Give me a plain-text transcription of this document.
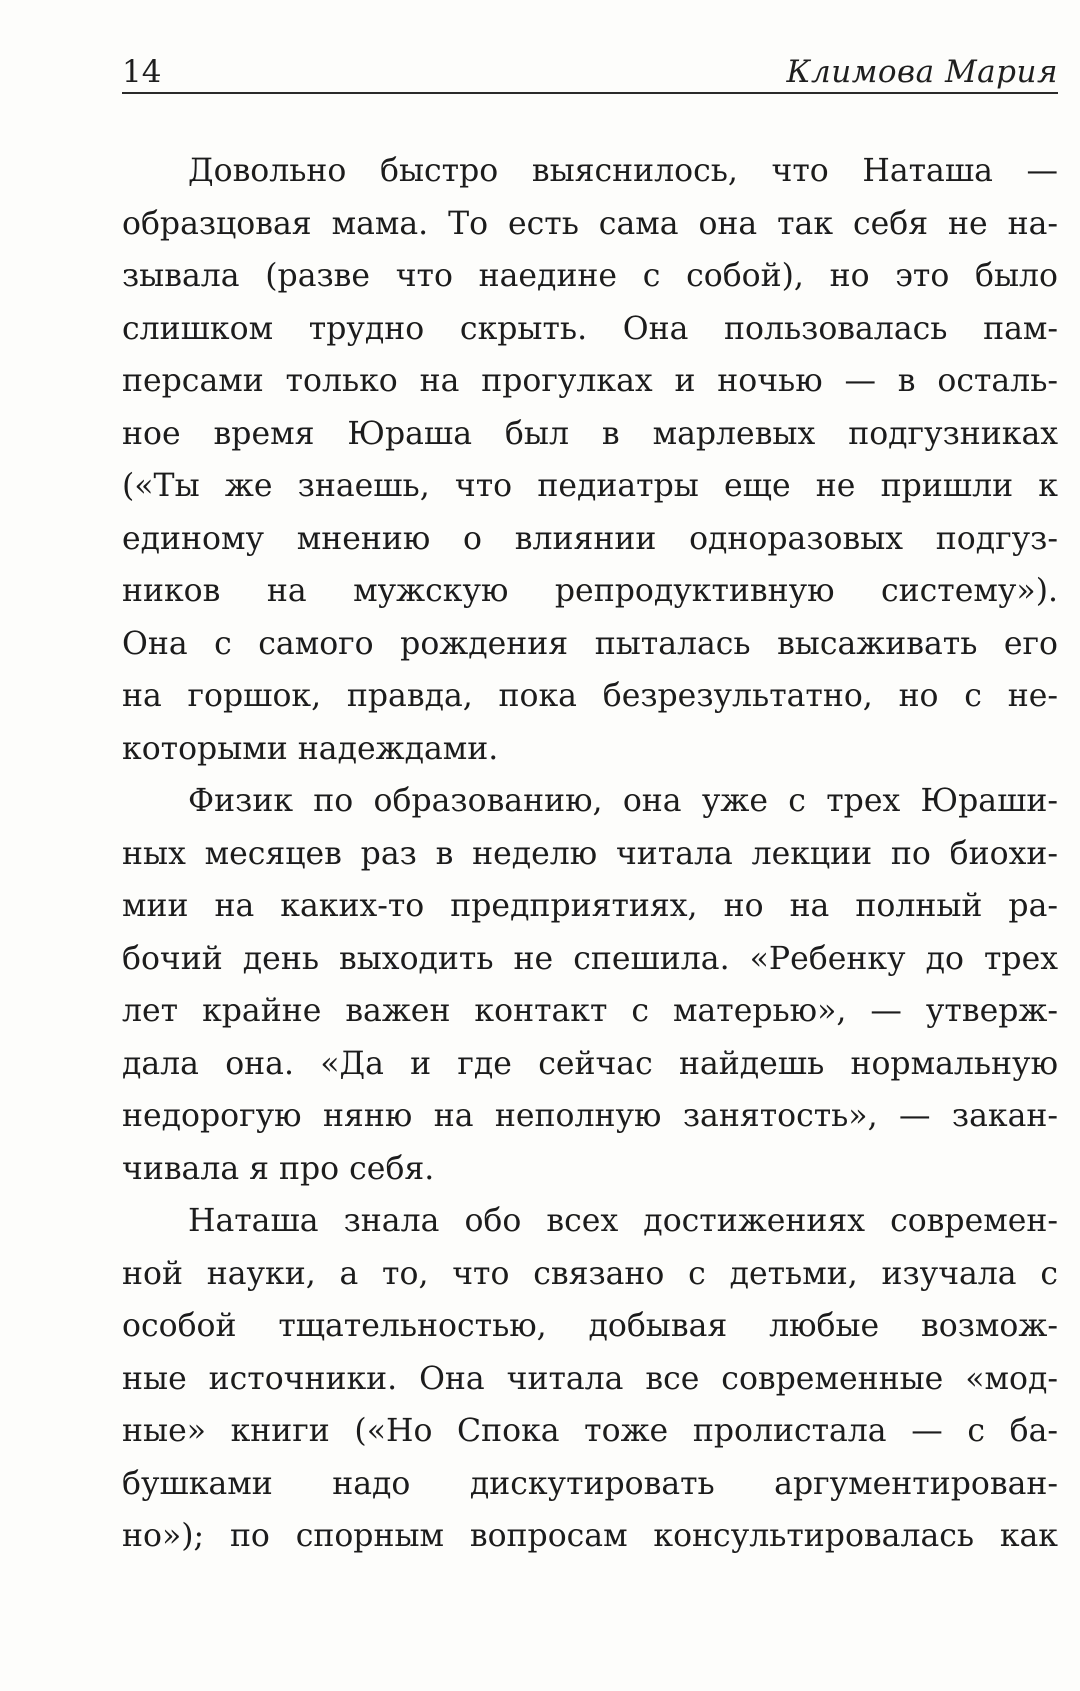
14	Климова Мария
Довольно быстро выяснилось, что Наташа —
образцовая мама. То есть сама она так себя не на-
зывала (разве что наедине с собой), но это было
слишком трудно скрыть. Она пользовалась пам-
персами только на прогулках и ночью — в осталь-
ное время Юраша был в марлевых подгузниках
(«Ты же знаешь, что педиатры еще не пришли к
единому мнению о влиянии одноразовых подгуз-
ников на мужскую репродуктивную систему»).
Она с самого рождения пыталась высаживать его
на горшок, правда, пока безрезультатно, но с не-
которыми надеждами.
Физик по образованию, она уже с трех Юраши-
ных месяцев раз в неделю читала лекции по биохи-
мии на каких-то предприятиях, но на полный ра-
бочий день выходить не спешила. «Ребенку до трех
лет крайне важен контакт с матерью», — утверж-
дала она. «Да и где сейчас найдешь нормальную
недорогую няню на неполную занятость», — закан-
чивала я про себя.
Наташа знала обо всех достижениях современ-
ной науки, а то, что связано с детьми, изучала с
особой тщательностью, добывая любые возмож-
ные источники. Она читала все современные «мод-
ные» книги («Но Спока тоже пролистала — с ба-
бушками надо дискутировать аргументирован-
но»); по спорным вопросам консультировалась как
